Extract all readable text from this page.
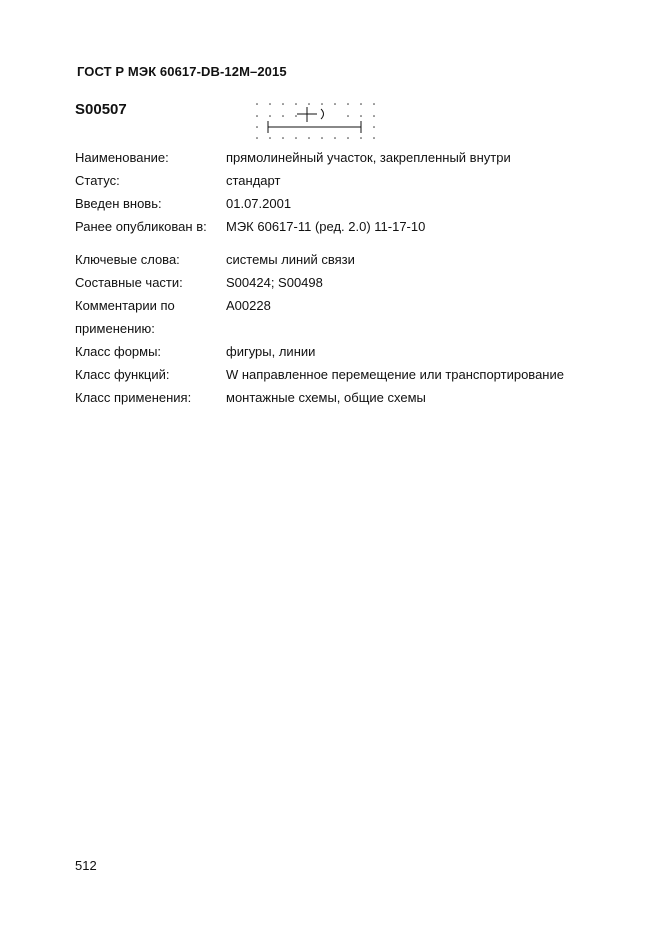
ГОСТ Р МЭК 60617-DB-12M–2015
S00507
Наименование:	прямолинейный участок, закрепленный внутри
Статус:	стандарт
Введен вновь:	01.07.2001
Ранее опубликован в:	МЭК 60617-11 (ред. 2.0) 11-17-10
Ключевые слова:	системы линий связи
Составные части:	S00424; S00498
Комментарии по	A00228
применению:
Класс формы:	фигуры, линии
Класс функций:	W направленное перемещение или транспортирование
Класс применения:	монтажные схемы, общие схемы
512
